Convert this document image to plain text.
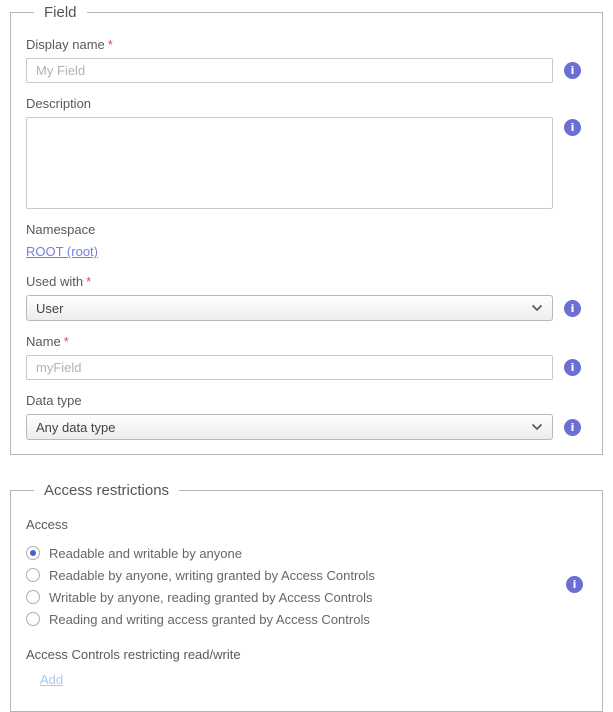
Field
Display name *
My Field
i
Description
i
Namespace
ROOT (root)
Used with *
User	i
Name *
myField
i
Data type
Any data type	i
Access restrictions
Access
Readable and writable by anyone
Readable by anyone, writing granted by Access Controls
Writable by anyone, reading granted by Access Controls
Reading and writing access granted by Access Controls
i
Access Controls restricting read/write
Add
